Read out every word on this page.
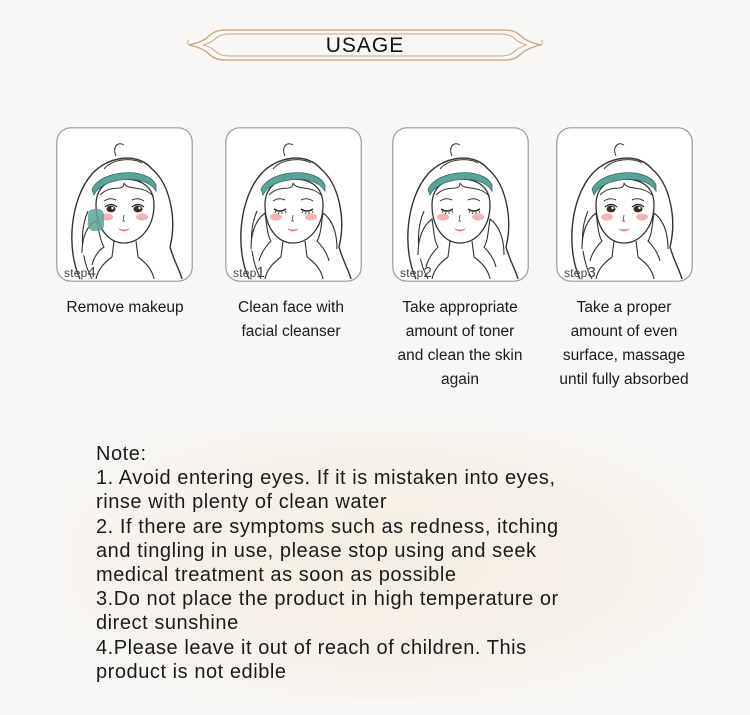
USAGE
step4
Remove makeup
step1
Clean face with
facial cleanser
step2
Take appropriate
amount of toner
and clean the skin
again
step3
Take a proper
amount of even
surface, massage
until fully absorbed
Note:
1. Avoid entering eyes. If it is mistaken into eyes,
rinse with plenty of clean water
2. If there are symptoms such as redness, itching
and tingling in use, please stop using and seek
medical treatment as soon as possible
3.Do not place the product in high temperature or
direct sunshine
4.Please leave it out of reach of children. This
product is not edible
